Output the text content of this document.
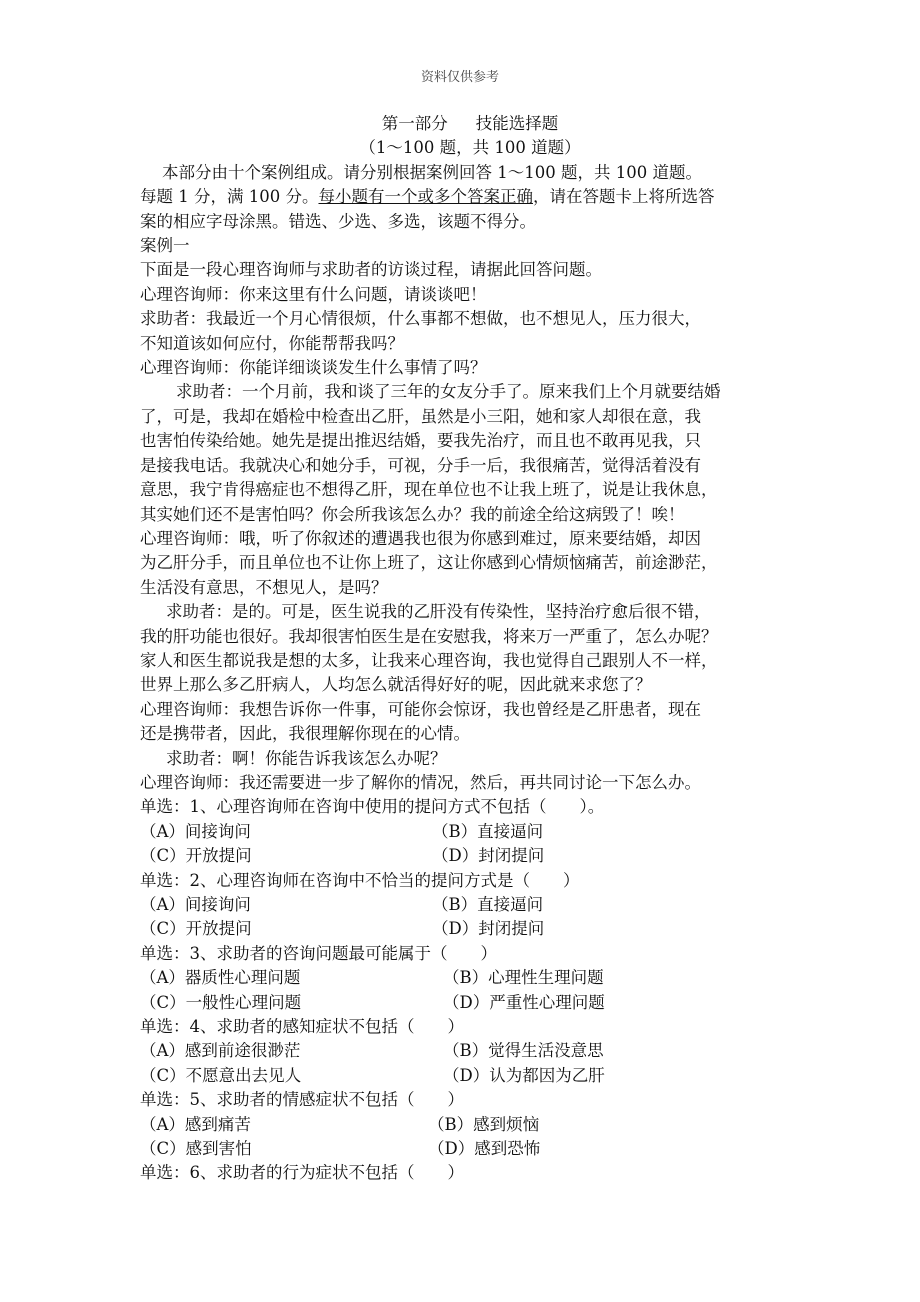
资料仅供参考
第一部分 技能选择题
（1～100 题，共 100 道题）
本部分由十个案例组成。请分别根据案例回答 1～100 题，共 100 道题。
每题 1 分，满 100 分。每小题有一个或多个答案正确，请在答题卡上将所选答
案的相应字母涂黑。错选、少选、多选，该题不得分。
案例一
下面是一段心理咨询师与求助者的访谈过程，请据此回答问题。
心理咨询师：你来这里有什么问题，请谈谈吧！
求助者：我最近一个月心情很烦，什么事都不想做，也不想见人，压力很大，
不知道该如何应付，你能帮帮我吗？
心理咨询师：你能详细谈谈发生什么事情了吗？
求助者：一个月前，我和谈了三年的女友分手了。原来我们上个月就要结婚
了，可是，我却在婚检中检查出乙肝，虽然是小三阳，她和家人却很在意，我
也害怕传染给她。她先是提出推迟结婚，要我先治疗，而且也不敢再见我，只
是接我电话。我就决心和她分手，可视，分手一后，我很痛苦，觉得活着没有
意思，我宁肯得癌症也不想得乙肝，现在单位也不让我上班了，说是让我休息，
其实她们还不是害怕吗？你会所我该怎么办？我的前途全给这病毁了！唉！
心理咨询师：哦，听了你叙述的遭遇我也很为你感到难过，原来要结婚，却因
为乙肝分手，而且单位也不让你上班了，这让你感到心情烦恼痛苦，前途渺茫，
生活没有意思，不想见人，是吗？
求助者：是的。可是，医生说我的乙肝没有传染性，坚持治疗愈后很不错，
我的肝功能也很好。我却很害怕医生是在安慰我，将来万一严重了，怎么办呢？
家人和医生都说我是想的太多，让我来心理咨询，我也觉得自己跟别人不一样，
世界上那么多乙肝病人，人均怎么就活得好好的呢，因此就来求您了？
心理咨询师：我想告诉你一件事，可能你会惊讶，我也曾经是乙肝患者，现在
还是携带者，因此，我很理解你现在的心情。
求助者：啊！你能告诉我该怎么办呢？
心理咨询师：我还需要进一步了解你的情况，然后，再共同讨论一下怎么办。
单选：1、心理咨询师在咨询中使用的提问方式不包括（　　）。
（A）间接询问	（B）直接逼问
（C）开放提问	（D）封闭提问
单选：2、心理咨询师在咨询中不恰当的提问方式是（　　）
（A）间接询问	（B）直接逼问
（C）开放提问	（D）封闭提问
单选：3、求助者的咨询问题最可能属于（　　）
（A）器质性心理问题	（B）心理性生理问题
（C）一般性心理问题	（D）严重性心理问题
单选：4、求助者的感知症状不包括（　　）
（A）感到前途很渺茫	（B）觉得生活没意思
（C）不愿意出去见人	（D）认为都因为乙肝
单选：5、求助者的情感症状不包括（　　）
（A）感到痛苦	（B）感到烦恼
（C）感到害怕	（D）感到恐怖
单选：6、求助者的行为症状不包括（　　）
